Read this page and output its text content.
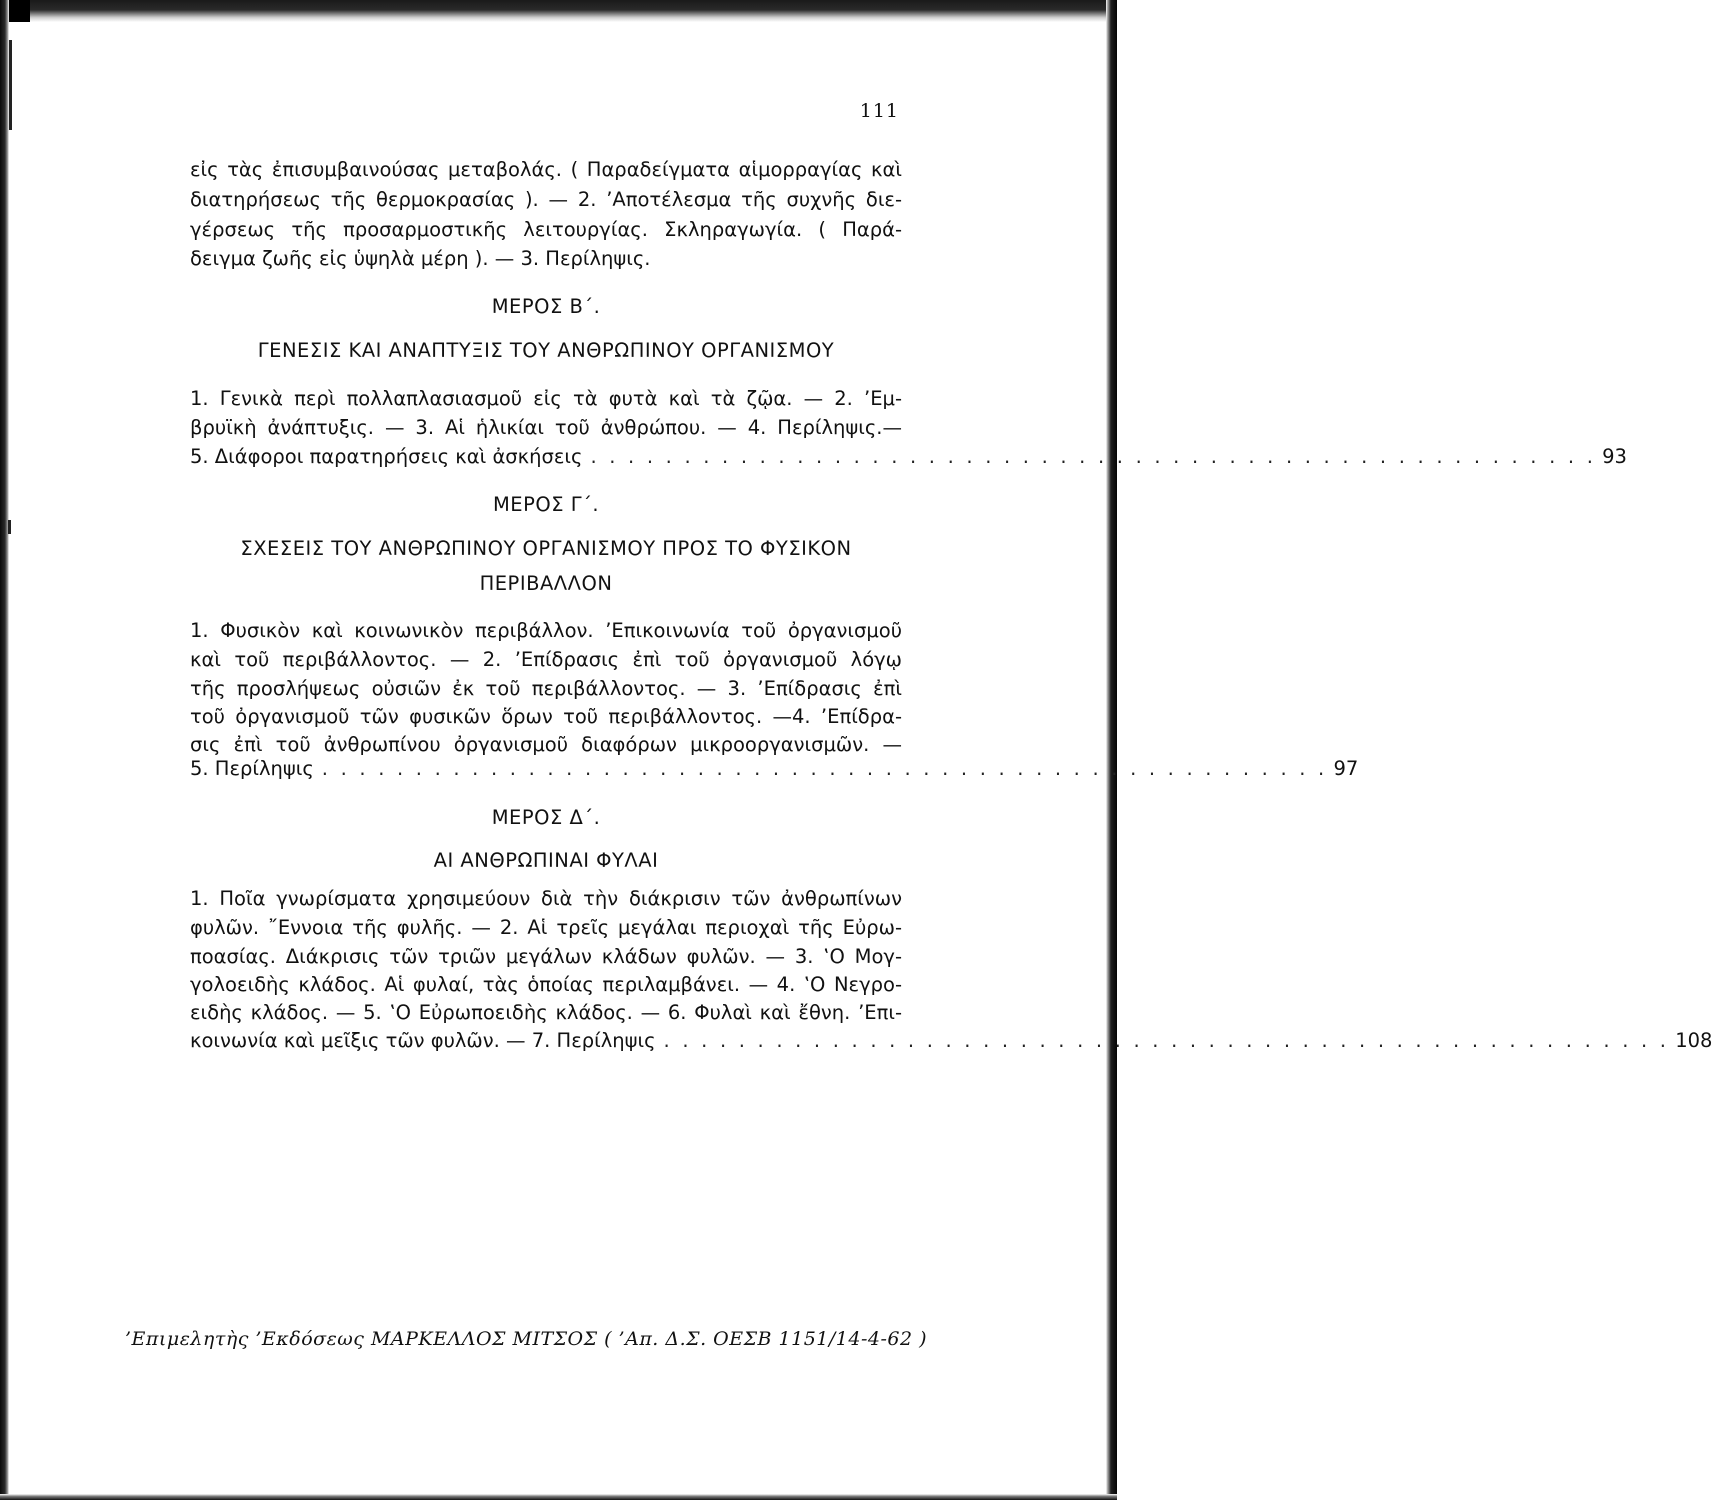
111
εἰς τὰς ἐπισυμβαινούσας μεταβολάς. ( Παραδείγματα αἱμορραγίας καὶ
διατηρήσεως τῆς θερμοκρασίας ). — 2. ’Αποτέλεσμα τῆς συχνῆς διε-
γέρσεως τῆς προσαρμοστικῆς λειτουργίας. Σκληραγωγία. ( Παρά-
δειγμα ζωῆς εἰς ὑψηλὰ μέρη ). — 3. Περίληψις.
ΜΕΡΟΣ Β΄.
ΓΕΝΕΣΙΣ ΚΑΙ ΑΝΑΠΤΥΞΙΣ ΤΟΥ ΑΝΘΡΩΠΙΝΟΥ ΟΡΓΑΝΙΣΜΟΥ
1. Γενικὰ περὶ πολλαπλασιασμοῦ εἰς τὰ φυτὰ καὶ τὰ ζῷα. — 2. ’Εμ-
βρυϊκὴ ἀνάπτυξις. — 3. Αἱ ἡλικίαι τοῦ ἀνθρώπου. — 4. Περίληψις.—
5. Διάφοροι παρατηρήσεις καὶ ἀσκήσεις . . . . . . . . . . . . . . . . . . . . . . . . . . . . . . . . . . . . . . . . . . . . . . . . . . . . . . 93
ΜΕΡΟΣ Γ΄.
ΣΧΕΣΕΙΣ ΤΟΥ ΑΝΘΡΩΠΙΝΟΥ ΟΡΓΑΝΙΣΜΟΥ ΠΡΟΣ ΤΟ ΦΥΣΙΚΟΝ
ΠΕΡΙΒΑΛΛΟΝ
1. Φυσικὸν καὶ κοινωνικὸν περιβάλλον. ’Επικοινωνία τοῦ ὀργανισμοῦ
καὶ τοῦ περιβάλλοντος. — 2. ’Επίδρασις ἐπὶ τοῦ ὀργανισμοῦ λόγῳ
τῆς προσλήψεως οὐσιῶν ἐκ τοῦ περιβάλλοντος. — 3. ’Επίδρασις ἐπὶ
τοῦ ὀργανισμοῦ τῶν φυσικῶν ὅρων τοῦ περιβάλλοντος. —4. ’Επίδρα-
σις ἐπὶ τοῦ ἀνθρωπίνου ὀργανισμοῦ διαφόρων μικροοργανισμῶν. —
5. Περίληψις . . . . . . . . . . . . . . . . . . . . . . . . . . . . . . . . . . . . . . . . . . . . . . . . . . . . . . 97
ΜΕΡΟΣ Δ΄.
ΑΙ ΑΝΘΡΩΠΙΝΑΙ ΦΥΛΑΙ
1. Ποῖα γνωρίσματα χρησιμεύουν διὰ τὴν διάκρισιν τῶν ἀνθρωπίνων
φυλῶν. ῎Εννοια τῆς φυλῆς. — 2. Αἱ τρεῖς μεγάλαι περιοχαὶ τῆς Εὐρω-
ποασίας. Διάκρισις τῶν τριῶν μεγάλων κλάδων φυλῶν. — 3. ‛Ο Μογ-
γολοειδὴς κλάδος. Αἱ φυλαί, τὰς ὁποίας περιλαμβάνει. — 4. ‛Ο Νεγρο-
ειδὴς κλάδος. — 5. ‛Ο Εὐρωποειδὴς κλάδος. — 6. Φυλαὶ καὶ ἔθνη. ’Επι-
κοινωνία καὶ μεῖξις τῶν φυλῶν. — 7. Περίληψις . . . . . . . . . . . . . . . . . . . . . . . . . . . . . . . . . . . . . . . . . . . . . . . . . . . . . . 108
’Επιμελητὴς ’Εκδόσεως ΜΑΡΚΕΛΛΟΣ ΜΙΤΣΟΣ ( ’Απ. Δ.Σ. ΟΕΣΒ 1151/14-4-62 )
